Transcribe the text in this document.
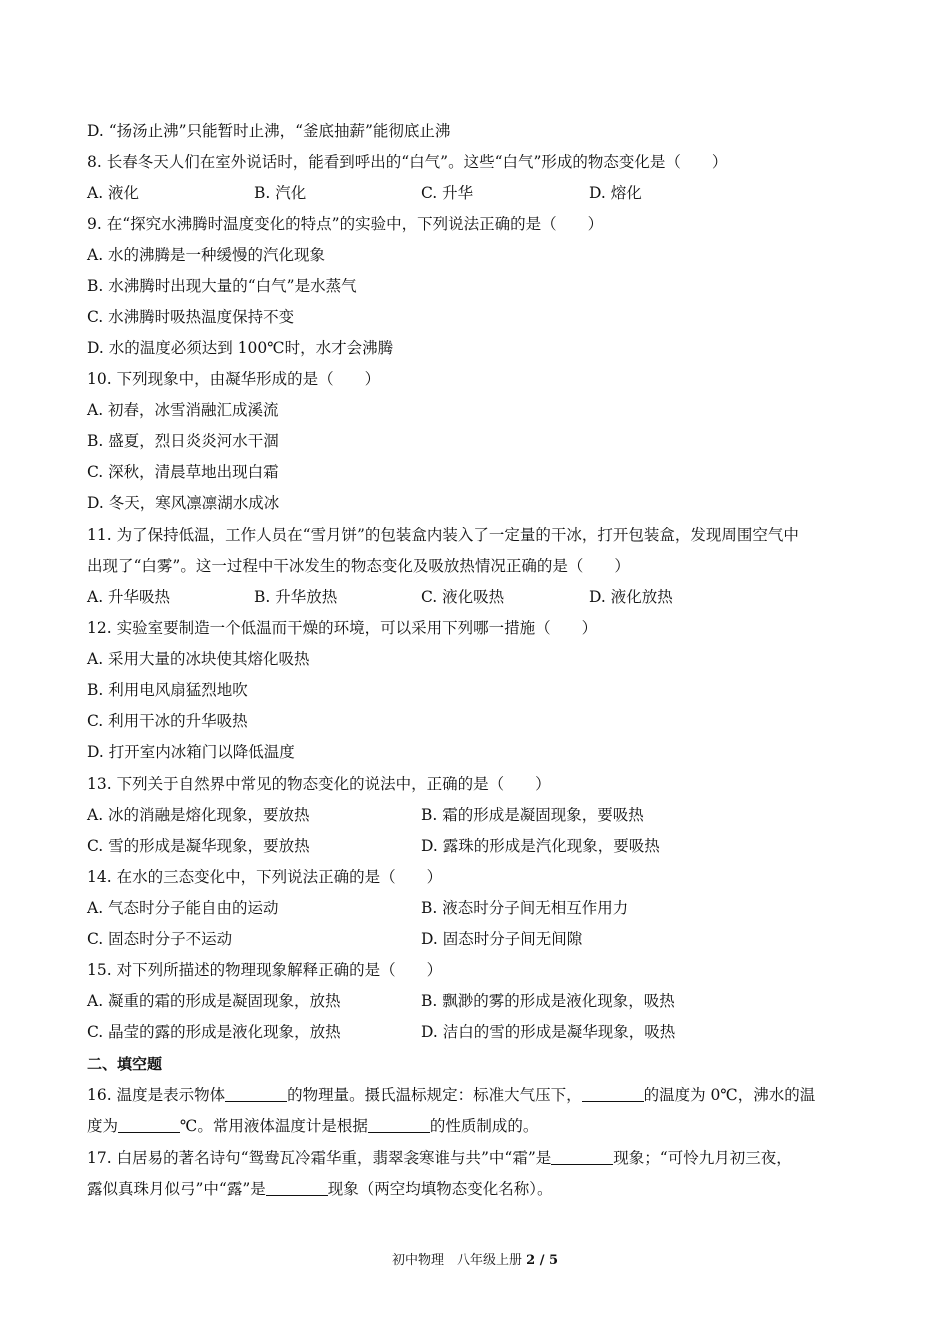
D. “扬汤止沸”只能暂时止沸，“釜底抽薪”能彻底止沸
8. 长春冬天人们在室外说话时，能看到呼出的“白气”。这些“白气”形成的物态变化是（　　）
A. 液化	B. 汽化	C. 升华	D. 熔化
9. 在“探究水沸腾时温度变化的特点”的实验中，下列说法正确的是（　　）
A. 水的沸腾是一种缓慢的汽化现象
B. 水沸腾时出现大量的“白气”是水蒸气
C. 水沸腾时吸热温度保持不变
D. 水的温度必须达到 100℃时，水才会沸腾
10. 下列现象中，由凝华形成的是（　　）
A. 初春，冰雪消融汇成溪流
B. 盛夏，烈日炎炎河水干涸
C. 深秋，清晨草地出现白霜
D. 冬天，寒风凛凛湖水成冰
11. 为了保持低温，工作人员在“雪月饼”的包装盒内装入了一定量的干冰，打开包装盒，发现周围空气中
出现了“白雾”。这一过程中干冰发生的物态变化及吸放热情况正确的是（　　）
A. 升华吸热	B. 升华放热	C. 液化吸热	D. 液化放热
12. 实验室要制造一个低温而干燥的环境，可以采用下列哪一措施（　　）
A. 采用大量的冰块使其熔化吸热
B. 利用电风扇猛烈地吹
C. 利用干冰的升华吸热
D. 打开室内冰箱门以降低温度
13. 下列关于自然界中常见的物态变化的说法中，正确的是（　　）
A. 冰的消融是熔化现象，要放热	B. 霜的形成是凝固现象，要吸热
C. 雪的形成是凝华现象，要放热	D. 露珠的形成是汽化现象，要吸热
14. 在水的三态变化中，下列说法正确的是（　　）
A. 气态时分子能自由的运动	B. 液态时分子间无相互作用力
C. 固态时分子不运动	D. 固态时分子间无间隙
15. 对下列所描述的物理现象解释正确的是（　　）
A. 凝重的霜的形成是凝固现象，放热	B. 飘渺的雾的形成是液化现象，吸热
C. 晶莹的露的形成是液化现象，放热	D. 洁白的雪的形成是凝华现象，吸热
二、填空题
16. 温度是表示物体	的物理量。摄氏温标规定：标准大气压下，	的温度为 0℃，沸水的温
度为	℃。常用液体温度计是根据	的性质制成的。
17. 白居易的著名诗句“鸳鸯瓦冷霜华重，翡翠衾寒谁与共”中“霜”是	现象；“可怜九月初三夜，
露似真珠月似弓”中“露”是	现象（两空均填物态变化名称）。
初中物理　八年级上册 2 / 5
